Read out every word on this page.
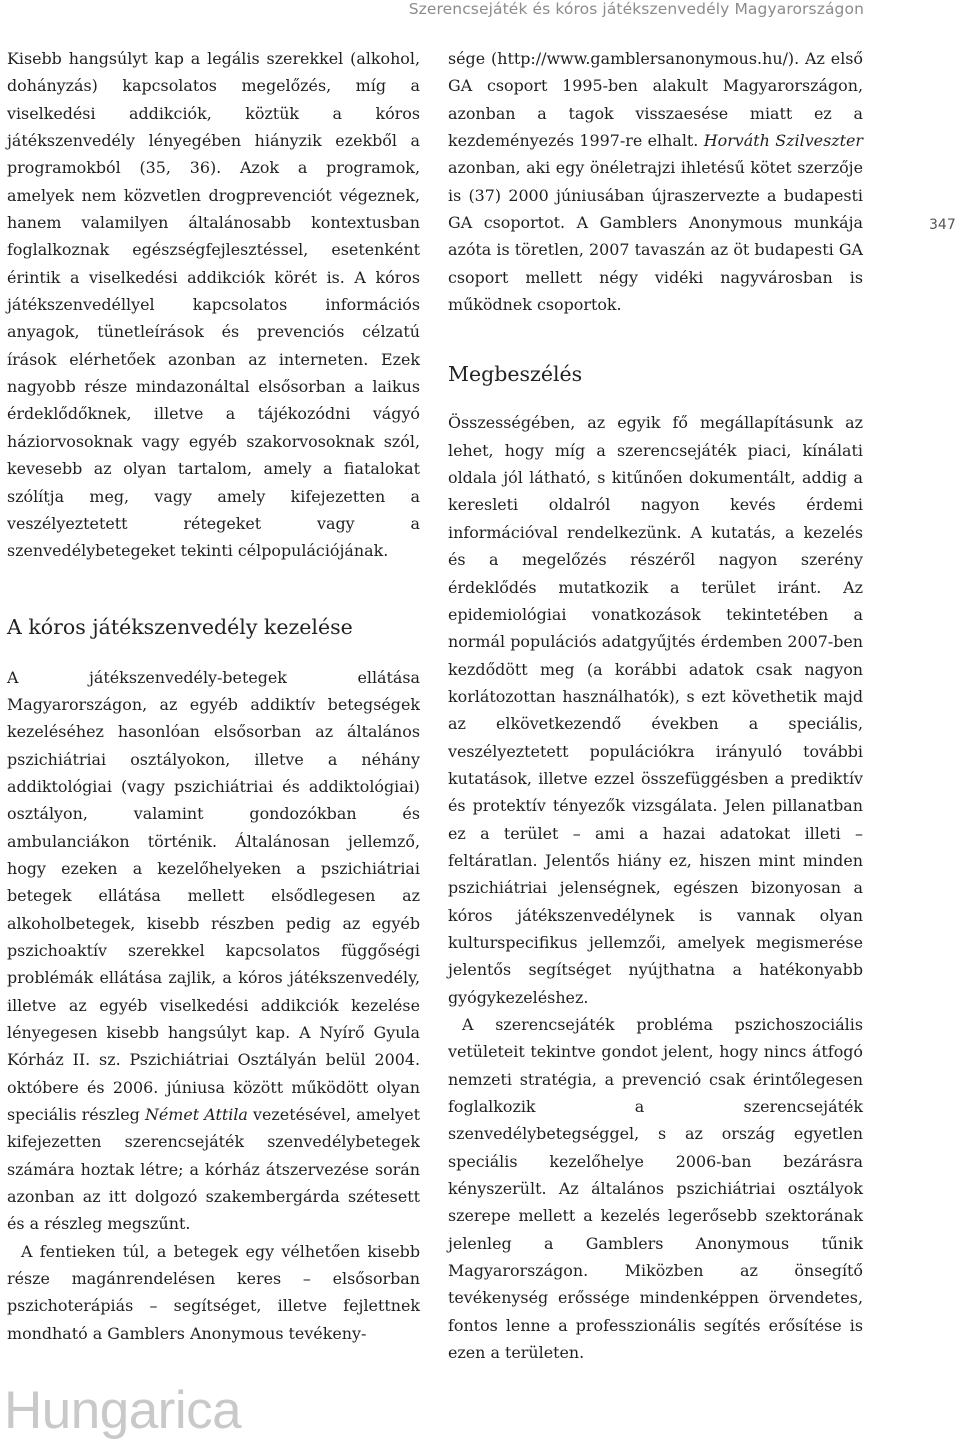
Szerencsejáték és kóros játékszenvedély Magyarországon
347

Kisebb hangsúlyt kap a legális szerekkel (alkohol, dohányzás) kapcsolatos megelőzés, míg a viselkedési addikciók, köztük a kóros játékszenvedély lényegében hiányzik ezekből a programokból (35, 36). Azok a programok, amelyek nem közvetlen drogprevenciót végeznek, hanem valamilyen általánosabb kontextusban foglalkoznak egészségfejlesztéssel, esetenként érintik a viselkedési addikciók körét is. A kóros játékszenvedéllyel kapcsolatos információs anyagok, tünetleírások és prevenciós célzatú írások elérhetőek azonban az interneten. Ezek nagyobb része mindazonáltal elsősorban a laikus érdeklődőknek, illetve a tájékozódni vágyó háziorvosoknak vagy egyéb szakorvosoknak szól, kevesebb az olyan tartalom, amely a fiatalokat szólítja meg, vagy amely kifejezetten a veszélyeztetett rétegeket vagy a szenvedélybetegeket tekinti célpopulációjának.

A kóros játékszenvedély kezelése

A játékszenvedély-betegek ellátása Magyarországon, az egyéb addiktív betegségek kezeléséhez hasonlóan elsősorban az általános pszichiátriai osztályokon, illetve a néhány addiktológiai (vagy pszichiátriai és addiktológiai) osztályon, valamint gondozókban és ambulanciákon történik. Általánosan jellemző, hogy ezeken a kezelőhelyeken a pszichiátriai betegek ellátása mellett elsődlegesen az alkoholbetegek, kisebb részben pedig az egyéb pszichoaktív szerekkel kapcsolatos függőségi problémák ellátása zajlik, a kóros játékszenvedély, illetve az egyéb viselkedési addikciók kezelése lényegesen kisebb hangsúlyt kap. A Nyírő Gyula Kórház II. sz. Pszichiátriai Osztályán belül 2004. októbere és 2006. júniusa között működött olyan speciális részleg Német Attila vezetésével, amelyet kifejezetten szerencsejáték szenvedélybetegek számára hoztak létre; a kórház átszervezése során azonban az itt dolgozó szakembergárda szétesett és a részleg megszűnt.

A fentieken túl, a betegek egy vélhetően kisebb része magánrendelésen keres – elsősorban pszichoterápiás – segítséget, illetve fejlettnek mondható a Gamblers Anonymous tevékeny-

sége (http://www.gamblersanonymous.hu/). Az első GA csoport 1995-ben alakult Magyarországon, azonban a tagok visszaesése miatt ez a kezdeményezés 1997-re elhalt. Horváth Szilveszter azonban, aki egy önéletrajzi ihletésű kötet szerzője is (37) 2000 júniusában újraszervezte a budapesti GA csoportot. A Gamblers Anonymous munkája azóta is töretlen, 2007 tavaszán az öt budapesti GA csoport mellett négy vidéki nagyvárosban is működnek csoportok.

Megbeszélés

Összességében, az egyik fő megállapításunk az lehet, hogy míg a szerencsejáték piaci, kínálati oldala jól látható, s kitűnően dokumentált, addig a keresleti oldalról nagyon kevés érdemi információval rendelkezünk. A kutatás, a kezelés és a megelőzés részéről nagyon szerény érdeklődés mutatkozik a terület iránt. Az epidemiológiai vonatkozások tekintetében a normál populációs adatgyűjtés érdemben 2007-ben kezdődött meg (a korábbi adatok csak nagyon korlátozottan használhatók), s ezt követhetik majd az elkövetkezendő években a speciális, veszélyeztetett populációkra irányuló további kutatások, illetve ezzel összefüggésben a prediktív és protektív tényezők vizsgálata. Jelen pillanatban ez a terület – ami a hazai adatokat illeti – feltáratlan. Jelentős hiány ez, hiszen mint minden pszichiátriai jelenségnek, egészen bizonyosan a kóros játékszenvedélynek is vannak olyan kulturspecifikus jellemzői, amelyek megismerése jelentős segítséget nyújthatna a hatékonyabb gyógykezeléshez.

A szerencsejáték probléma pszichoszociális vetületeit tekintve gondot jelent, hogy nincs átfogó nemzeti stratégia, a prevenció csak érintőlegesen foglalkozik a szerencsejáték szenvedélybetegséggel, s az ország egyetlen speciális kezelőhelye 2006-ban bezárásra kényszerült. Az általános pszichiátriai osztályok szerepe mellett a kezelés legerősebb szektorának jelenleg a Gamblers Anonymous tűnik Magyarországon. Miközben az önsegítő tevékenység erőssége mindenképpen örvendetes, fontos lenne a professzionális segítés erősítése is ezen a területen.

Hungarica
